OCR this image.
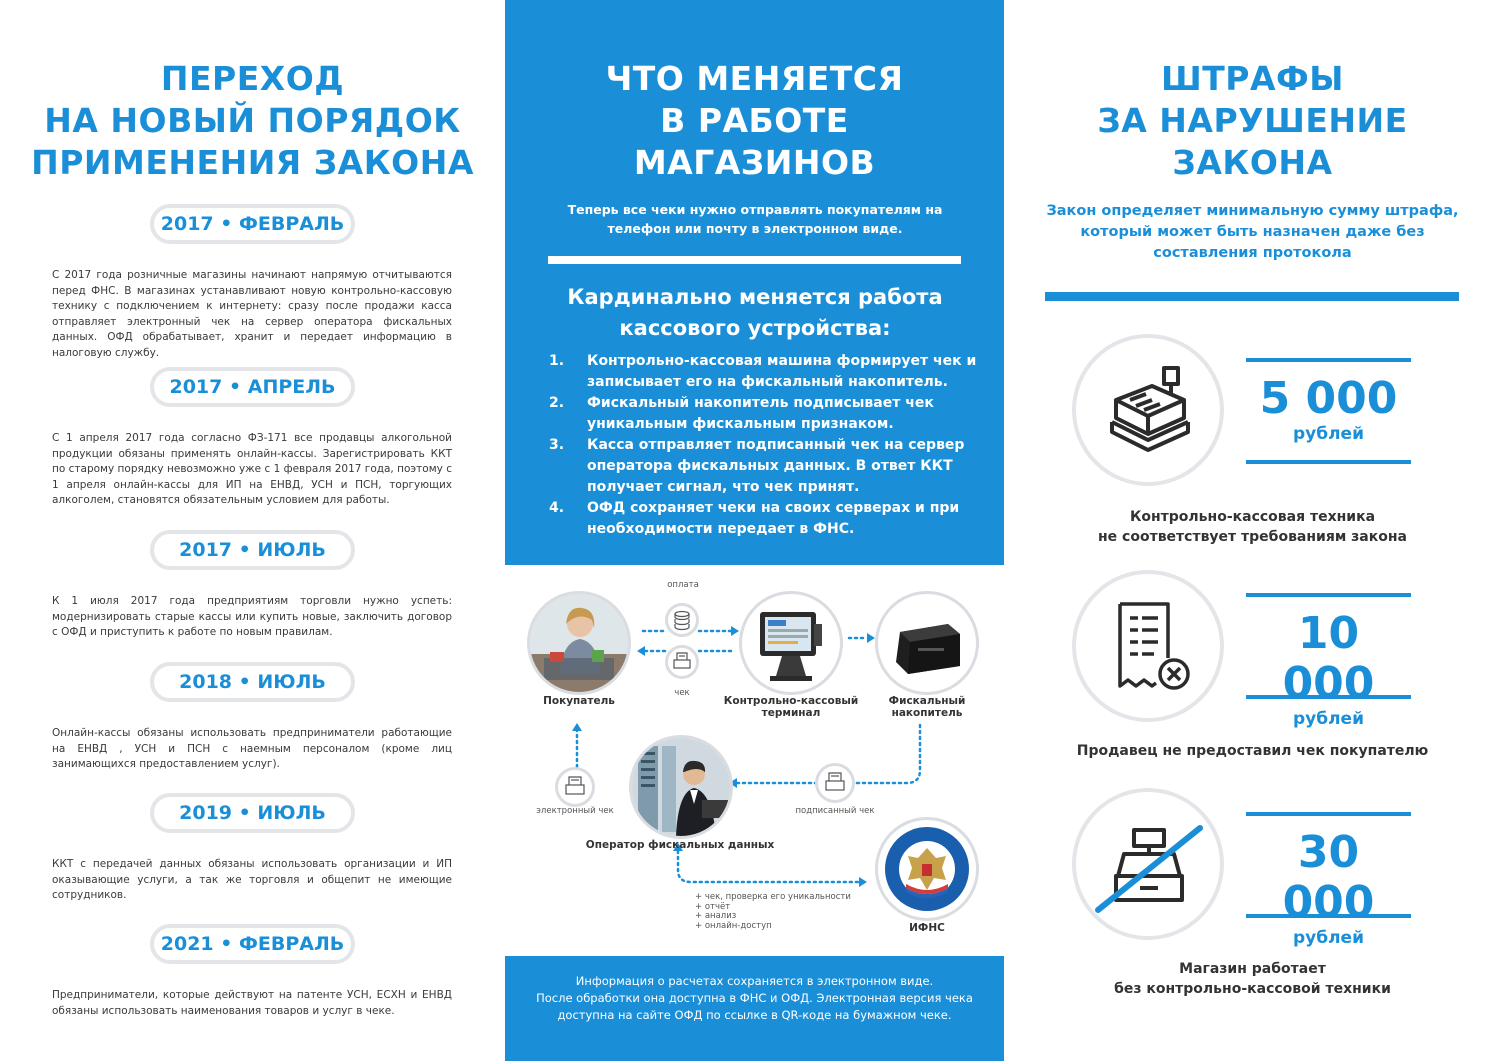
ПЕРЕХОД
НА НОВЫЙ ПОРЯДОК
ПРИМЕНЕНИЯ ЗАКОНА
2017 • ФЕВРАЛЬ
С 2017 года розничные магазины начинают напрямую отчитываются перед ФНС. В магазинах устанавливают новую контрольно-кассовую технику с подключением к интернету: сразу после продажи касса отправляет электронный чек на сервер оператора фискальных данных. ОФД обрабатывает, хранит и передает информацию в налоговую службу.
2017 • АПРЕЛЬ
С 1 апреля 2017 года согласно ФЗ-171 все продавцы алкогольной продукции обязаны применять онлайн-кассы. Зарегистрировать ККТ по старому порядку невозможно уже с 1 февраля 2017 года, поэтому с 1 апреля онлайн-кассы для ИП на ЕНВД, УСН и ПСН, торгующих алкоголем, становятся обязательным условием для работы.
2017 • ИЮЛЬ
К 1 июля 2017 года предприятиям торговли нужно успеть: модернизировать старые кассы или купить новые, заключить договор с ОФД и приступить к работе по новым правилам.
2018 • ИЮЛЬ
Онлайн-кассы обязаны использовать предприниматели работающие на ЕНВД , УСН и ПСН с наемным персоналом (кроме лиц занимающихся предоставлением услуг).
2019 • ИЮЛЬ
ККТ с передачей данных обязаны использовать организации и ИП оказывающие услуги, а так же торговля и общепит не имеющие сотрудников.
2021 • ФЕВРАЛЬ
Предприниматели, которые действуют на патенте УСН, ЕСХН и ЕНВД обязаны использовать наименования товаров и услуг в чеке.
ЧТО МЕНЯЕТСЯ
В РАБОТЕ
МАГАЗИНОВ
Теперь все чеки нужно отправлять покупателям на телефон или почту в электронном виде.
Кардинально меняется работа кассового устройства:
1. Контрольно-кассовая машина формирует чек и записывает его на фискальный накопитель.
2. Фискальный накопитель подписывает чек уникальным фискальным признаком.
3. Касса отправляет подписанный чек на сервер оператора фискальных данных. В ответ ККТ получает сигнал, что чек принят.
4. ОФД сохраняет чеки на своих серверах и при необходимости передает в ФНС.
оплата
чек
Покупатель	Контрольно-кассовый терминал
Фискальный накопитель
электронный чек
Оператор фискальных данных
подписанный чек
ИФНС
+ чек, проверка его уникальности
+ отчёт
+ анализ
+ онлайн-доступ
Информация о расчетах сохраняется в электронном виде.
После обработки она доступна в ФНС и ОФД. Электронная версия чека
доступна на сайте ОФД по ссылке в QR-коде на бумажном чеке.
ШТРАФЫ
ЗА НАРУШЕНИЕ
ЗАКОНА
Закон определяет минимальную сумму штрафа, который может быть назначен даже без составления протокола
5 000
рублей
Контрольно-кассовая техника
не соответствует требованиям закона
10 000
рублей
Продавец не предоставил чек покупателю
30 000
рублей
Магазин работает
без контрольно-кассовой техники
